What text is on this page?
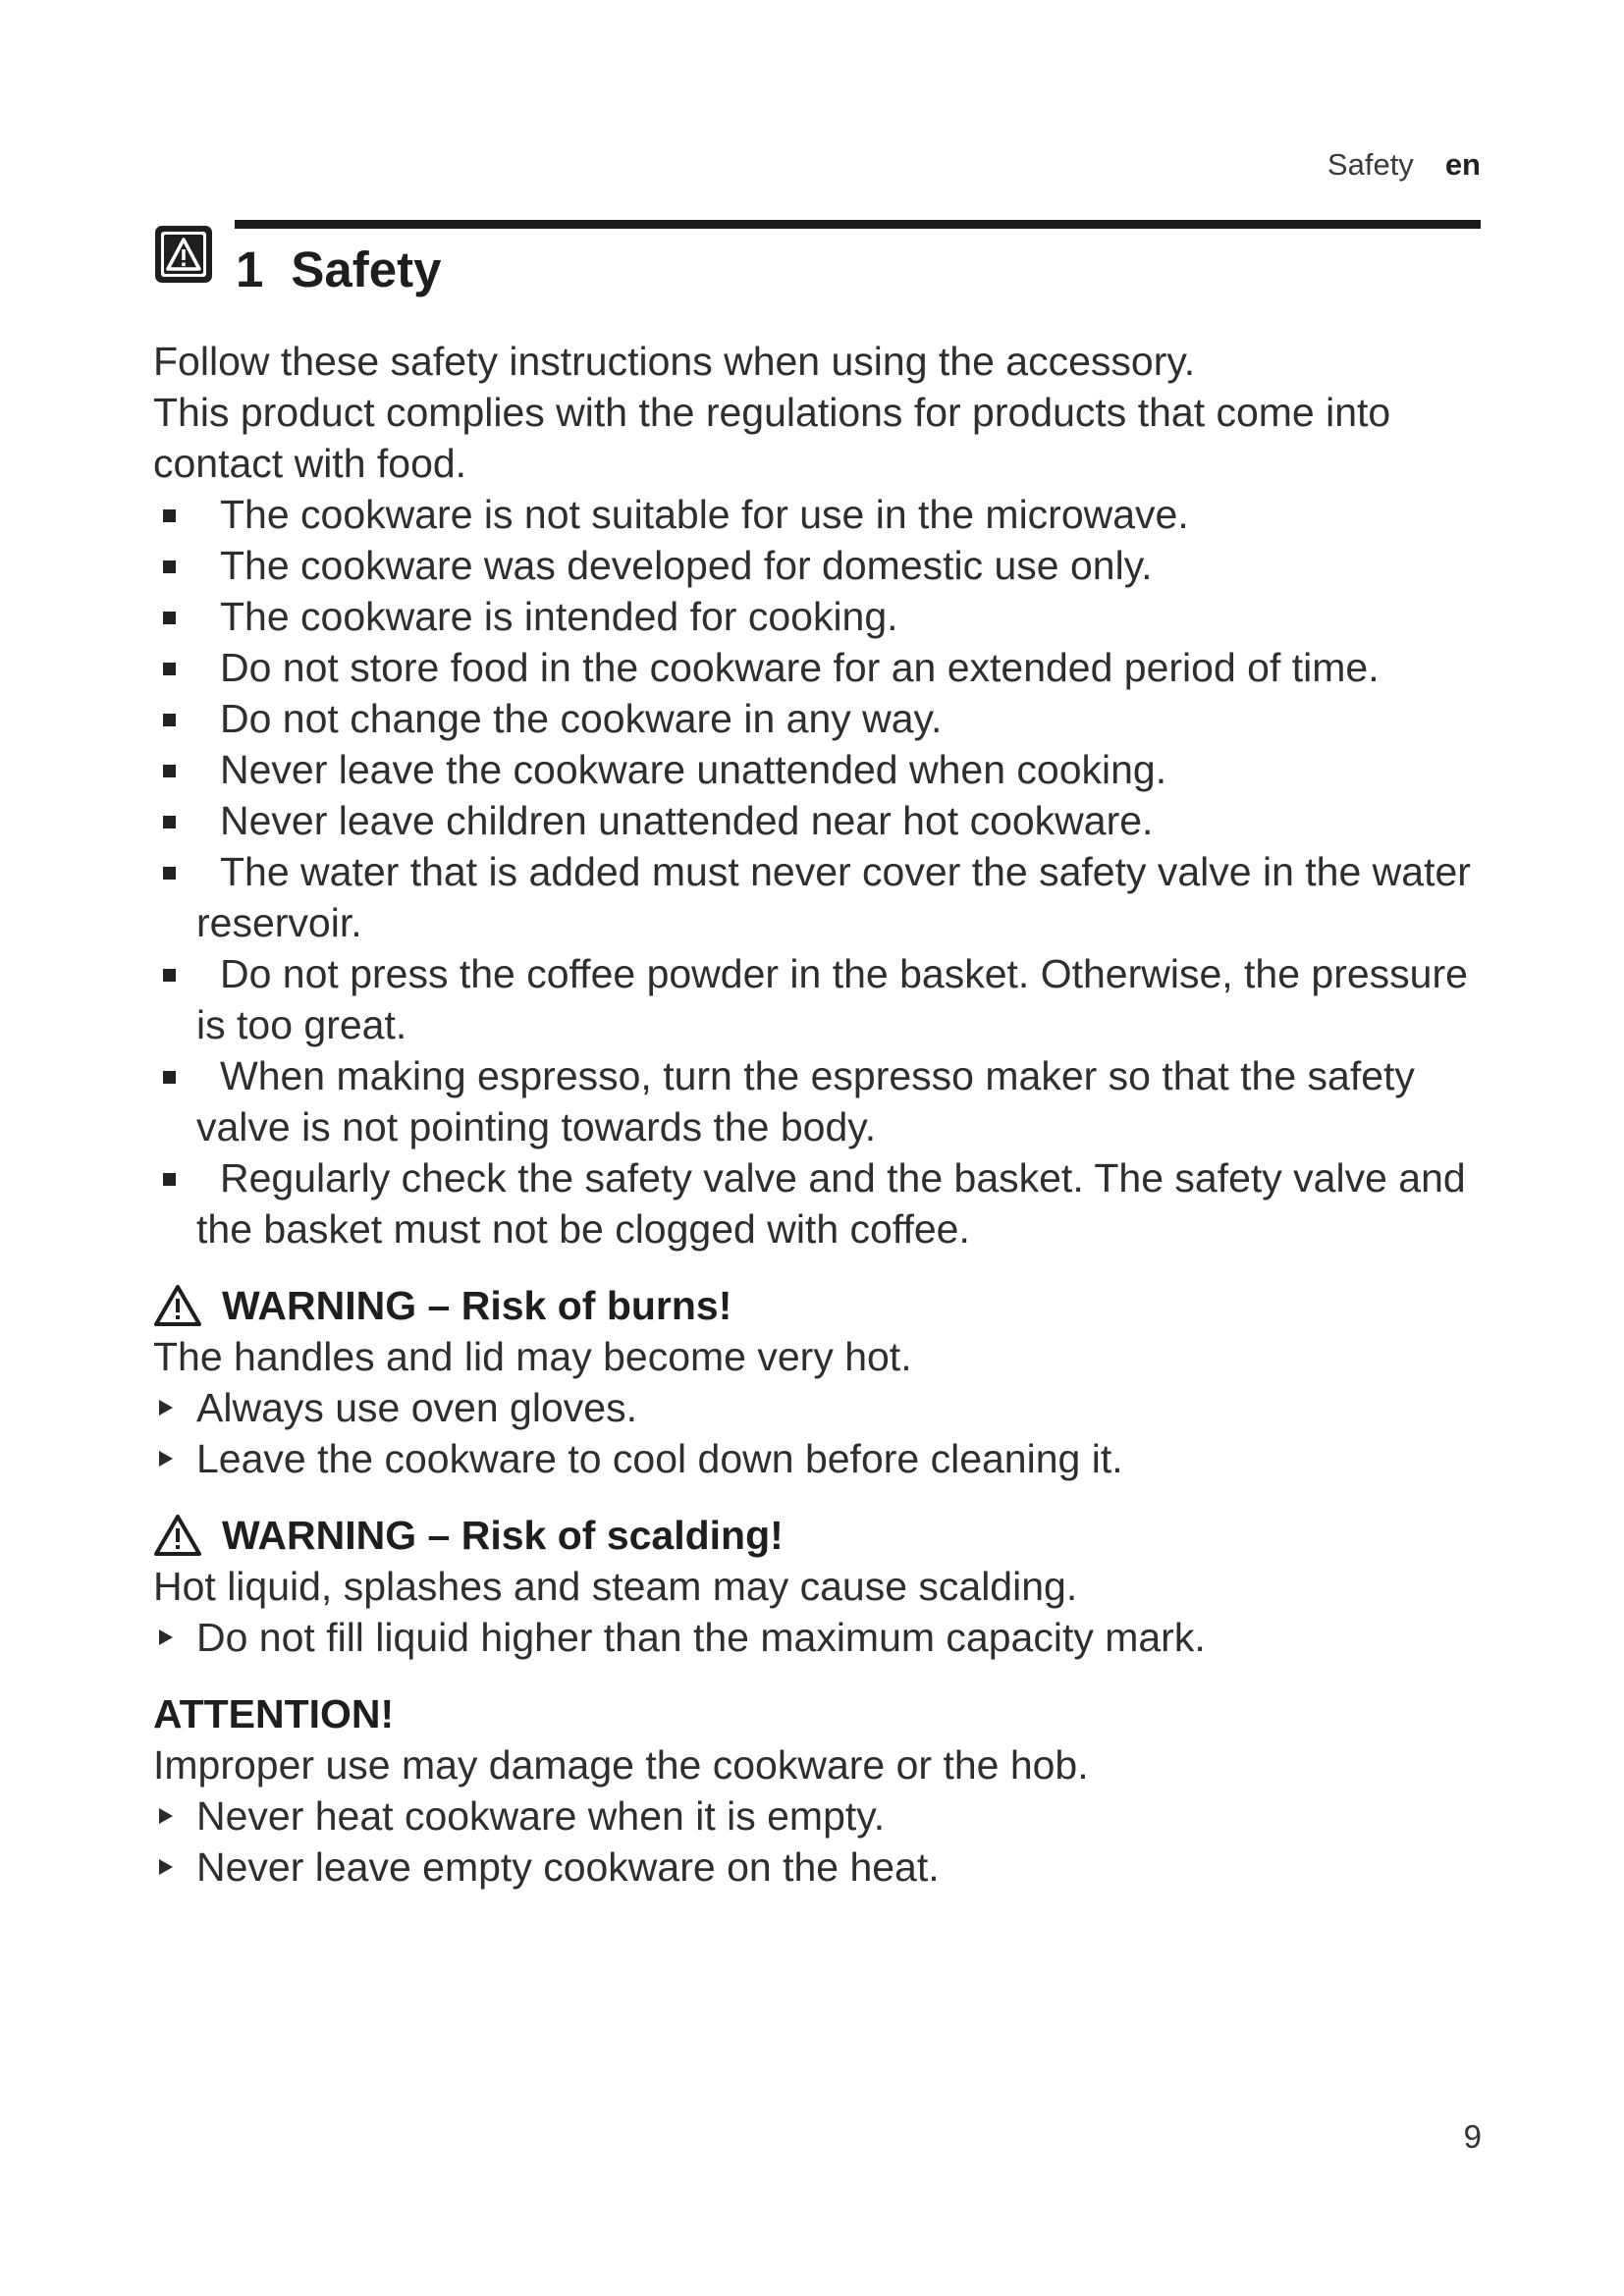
Safety en
1 Safety

Follow these safety instructions when using the accessory.

This product complies with the regulations for products that come into contact with food.

The cookware is not suitable for use in the microwave.
The cookware was developed for domestic use only.
The cookware is intended for cooking.
Do not store food in the cookware for an extended period of time.
Do not change the cookware in any way.
Never leave the cookware unattended when cooking.
Never leave children unattended near hot cookware.
The water that is added must never cover the safety valve in the water reservoir.
Do not press the coffee powder in the basket. Otherwise, the pressure is too great.
When making espresso, turn the espresso maker so that the safety valve is not pointing towards the body.
Regularly check the safety valve and the basket. The safety valve and the basket must not be clogged with coffee.
WARNING – Risk of burns!

The handles and lid may become very hot.

Always use oven gloves.
Leave the cookware to cool down before cleaning it.
WARNING – Risk of scalding!

Hot liquid, splashes and steam may cause scalding.

Do not fill liquid higher than the maximum capacity mark.
ATTENTION!

Improper use may damage the cookware or the hob.

Never heat cookware when it is empty.
Never leave empty cookware on the heat.
9
